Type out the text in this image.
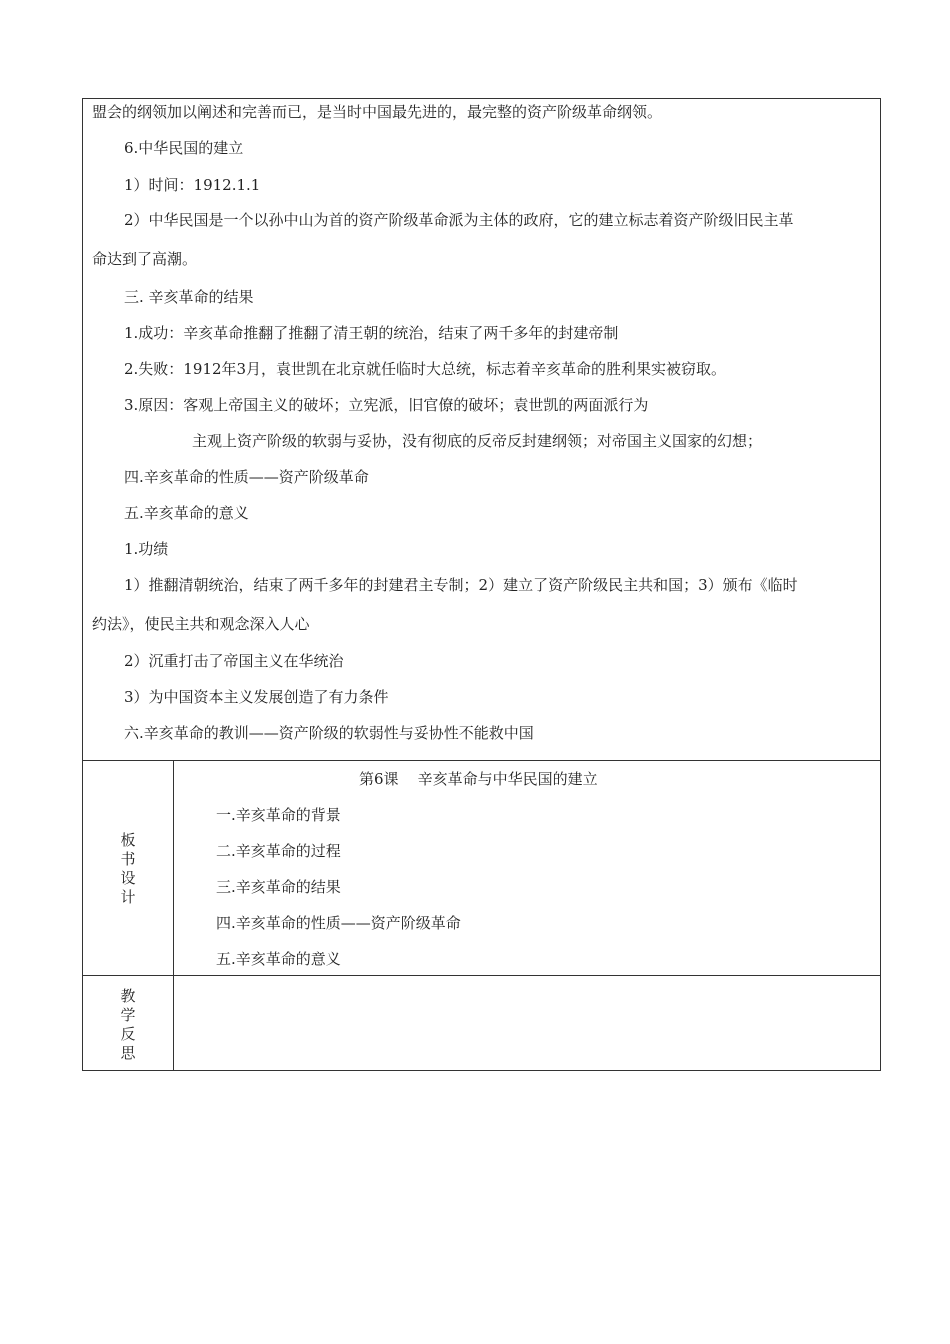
盟会的纲领加以阐述和完善而已，是当时中国最先进的，最完整的资产阶级革命纲领。
6.中华民国的建立
1）时间：1912.1.1
2）中华民国是一个以孙中山为首的资产阶级革命派为主体的政府，它的建立标志着资产阶级旧民主革
命达到了高潮。
三. 辛亥革命的结果
1.成功：辛亥革命推翻了推翻了清王朝的统治，结束了两千多年的封建帝制
2.失败：1912年3月，袁世凯在北京就任临时大总统，标志着辛亥革命的胜利果实被窃取。
3.原因：客观上帝国主义的破坏；立宪派，旧官僚的破坏；袁世凯的两面派行为
主观上资产阶级的软弱与妥协，没有彻底的反帝反封建纲领；对帝国主义国家的幻想；
四.辛亥革命的性质——资产阶级革命
五.辛亥革命的意义
1.功绩
1）推翻清朝统治，结束了两千多年的封建君主专制；2）建立了资产阶级民主共和国；3）颁布《临时
约法》，使民主共和观念深入人心
2）沉重打击了帝国主义在华统治
3）为中国资本主义发展创造了有力条件
六.辛亥革命的教训——资产阶级的软弱性与妥协性不能救中国
板
书
设
计
第6课    辛亥革命与中华民国的建立
一.辛亥革命的背景
二.辛亥革命的过程
三.辛亥革命的结果
四.辛亥革命的性质——资产阶级革命
五.辛亥革命的意义
教
学
反
思
